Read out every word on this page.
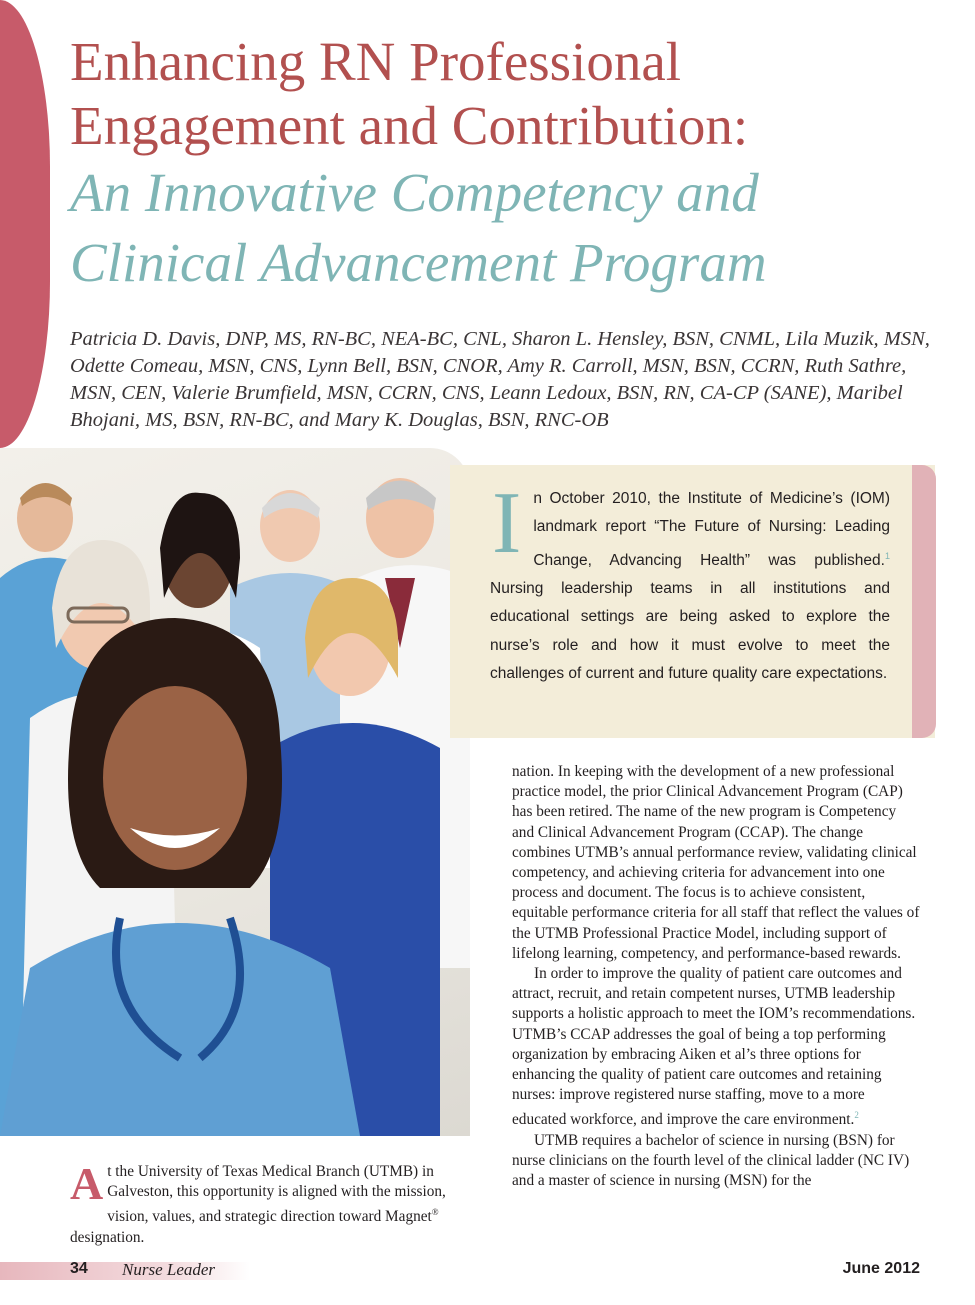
Enhancing RN Professional
Engagement and Contribution:
An Innovative Competency and
Clinical Advancement Program

Patricia D. Davis, DNP, MS, RN-BC, NEA-BC, CNL, Sharon L. Hensley, BSN, CNML, Lila Muzik, MSN, Odette Comeau, MSN, CNS, Lynn Bell, BSN, CNOR, Amy R. Carroll, MSN, BSN, CCRN, Ruth Sathre, MSN, CEN, Valerie Brumfield, MSN, CCRN, CNS, Leann Ledoux, BSN, RN, CA-CP (SANE), Maribel Bhojani, MS, BSN, RN-BC, and Mary K. Douglas, BSN, RNC-OB

In October 2010, the Institute of Medicine’s (IOM) landmark report “The Future of Nursing: Leading Change, Advancing Health” was published.$^1$ Nursing leadership teams in all institutions and educational settings are being asked to explore the nurse’s role and how it must evolve to meet the challenges of current and future quality care expectations.

nation. In keeping with the development of a new professional practice model, the prior Clinical Advancement Program (CAP) has been retired. The name of the new program is Competency and Clinical Advancement Program (CCAP). The change combines UTMB’s annual performance review, validating clinical competency, and achieving criteria for advancement into one process and document. The focus is to achieve consistent, equitable performance criteria for all staff that reflect the values of the UTMB Professional Practice Model, including support of lifelong learning, competency, and performance-based rewards.

In order to improve the quality of patient care outcomes and attract, recruit, and retain competent nurses, UTMB leadership supports a holistic approach to meet the IOM’s recommendations. UTMB’s CCAP addresses the goal of being a top performing organization by embracing Aiken et al’s three options for enhancing the quality of patient care outcomes and retaining nurses: improve registered nurse staffing, move to a more educated workforce, and improve the care environment.$^2$

UTMB requires a bachelor of science in nursing (BSN) for nurse clinicians on the fourth level of the clinical ladder (NC IV) and a master of science in nursing (MSN) for the

At the University of Texas Medical Branch (UTMB) in Galveston, this opportunity is aligned with the mission, vision, values, and strategic direction toward Magnet® designation.

34 Nurse Leader	June 2012
